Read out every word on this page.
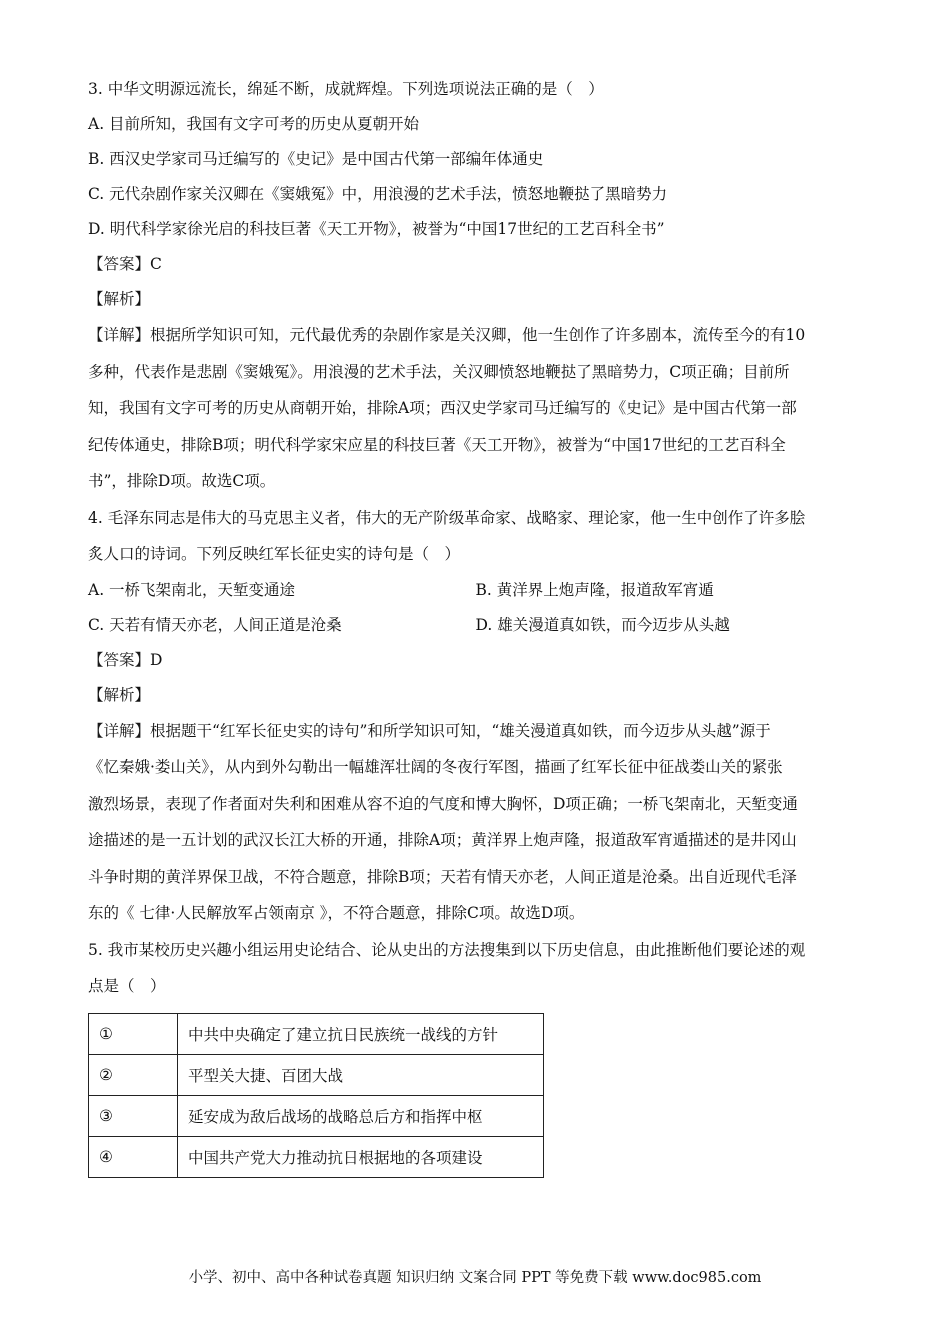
3. 中华文明源远流长，绵延不断，成就辉煌。下列选项说法正确的是（　）
A. 目前所知，我国有文字可考的历史从夏朝开始
B. 西汉史学家司马迁编写的《史记》是中国古代第一部编年体通史
C. 元代杂剧作家关汉卿在《窦娥冤》中，用浪漫的艺术手法，愤怒地鞭挞了黑暗势力
D. 明代科学家徐光启的科技巨著《天工开物》，被誉为“中国17世纪的工艺百科全书”
【答案】C
【解析】
【详解】根据所学知识可知，元代最优秀的杂剧作家是关汉卿，他一生创作了许多剧本，流传至今的有10
多种，代表作是悲剧《窦娥冤》。用浪漫的艺术手法，关汉卿愤怒地鞭挞了黑暗势力，C项正确；目前所
知，我国有文字可考的历史从商朝开始，排除A项；西汉史学家司马迁编写的《史记》是中国古代第一部
纪传体通史，排除B项；明代科学家宋应星的科技巨著《天工开物》，被誉为“中国17世纪的工艺百科全
书”，排除D项。故选C项。
4. 毛泽东同志是伟大的马克思主义者，伟大的无产阶级革命家、战略家、理论家，他一生中创作了许多脍
炙人口的诗词。下列反映红军长征史实的诗句是（　）
A. 一桥飞架南北，天堑变通途	B. 黄洋界上炮声隆，报道敌军宵遁
C. 天若有情天亦老，人间正道是沧桑	D. 雄关漫道真如铁，而今迈步从头越
【答案】D
【解析】
【详解】根据题干“红军长征史实的诗句”和所学知识可知，“雄关漫道真如铁，而今迈步从头越”源于
《忆秦娥·娄山关》，从内到外勾勒出一幅雄浑壮阔的冬夜行军图，描画了红军长征中征战娄山关的紧张
激烈场景，表现了作者面对失利和困难从容不迫的气度和博大胸怀，D项正确；一桥飞架南北，天堑变通
途描述的是一五计划的武汉长江大桥的开通，排除A项；黄洋界上炮声隆，报道敌军宵遁描述的是井冈山
斗争时期的黄洋界保卫战，不符合题意，排除B项；天若有情天亦老，人间正道是沧桑。出自近现代毛泽
东的《 七律·人民解放军占领南京 》，不符合题意，排除C项。故选D项。
5. 我市某校历史兴趣小组运用史论结合、论从史出的方法搜集到以下历史信息，由此推断他们要论述的观
点是（　）
①	中共中央确定了建立抗日民族统一战线的方针
②	平型关大捷、百团大战
③	延安成为敌后战场的战略总后方和指挥中枢
④	中国共产党大力推动抗日根据地的各项建设
小学、初中、高中各种试卷真题 知识归纳 文案合同 PPT 等免费下载 www.doc985.com
